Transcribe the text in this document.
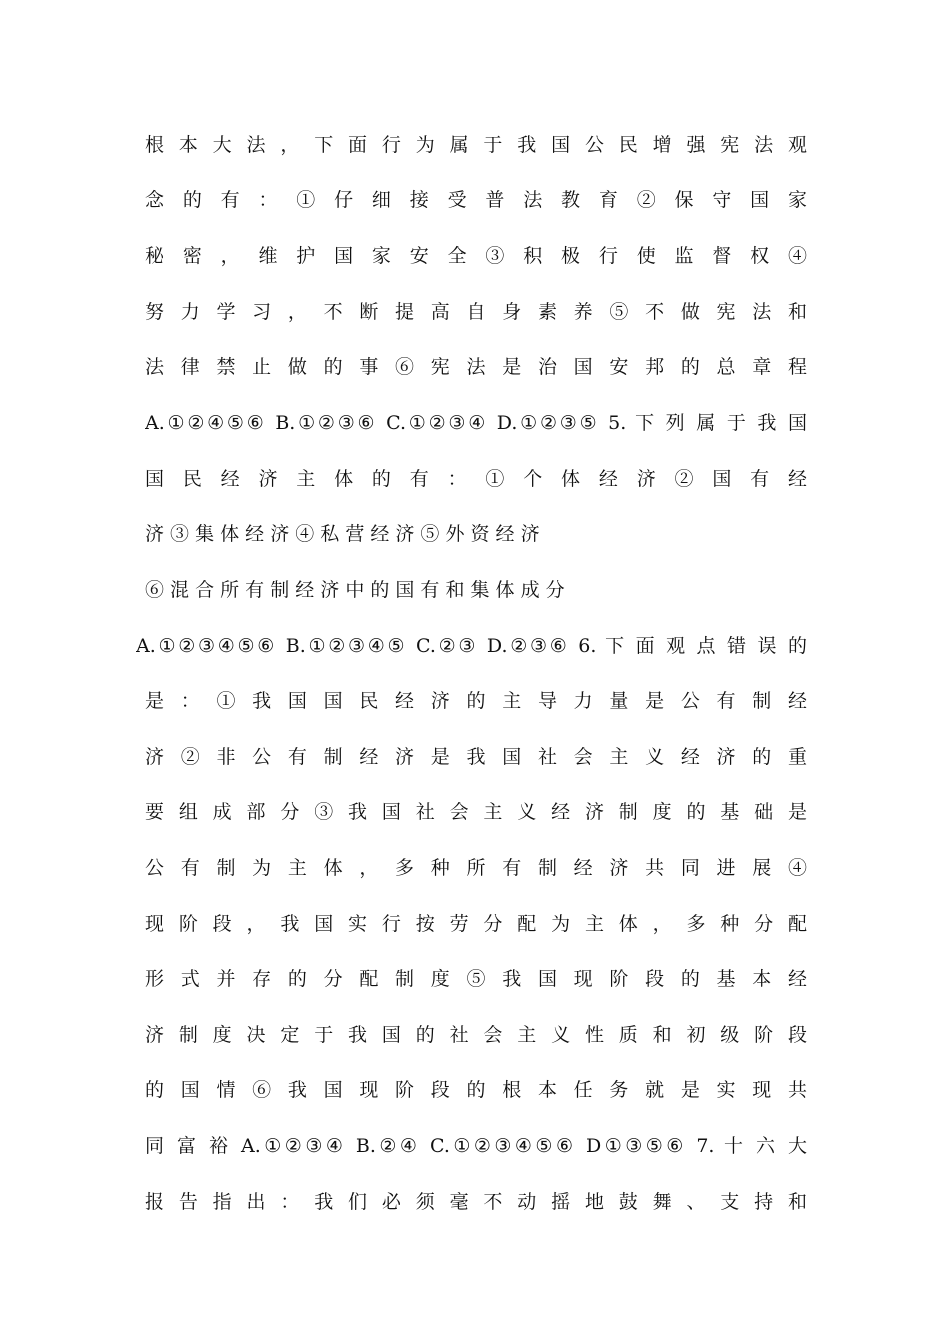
根 本 大 法 ， 下 面 行 为 属 于 我 国 公 民 增 强 宪 法 观
念 的 有 ： ① 仔 细 接 受 普 法 教 育 ② 保 守 国 家
秘 密 ， 维 护 国 家 安 全 ③ 积 极 行 使 监 督 权 ④
努 力 学 习 ， 不 断 提 高 自 身 素 养 ⑤ 不 做 宪 法 和
法 律 禁 止 做 的 事 ⑥ 宪 法 是 治 国 安 邦 的 总 章 程
A.①②④⑤⑥ B.①②③⑥ C.①②③④ D.①②③⑤ 5. 下 列 属 于 我 国
国 民 经 济 主 体 的 有 ： ① 个 体 经 济 ② 国 有 经
济 ③ 集 体 经 济 ④ 私 营 经 济 ⑤ 外 资 经 济
⑥ 混 合 所 有 制 经 济 中 的 国 有 和 集 体 成 分
A.①②③④⑤⑥ B.①②③④⑤ C.②③ D.②③⑥ 6. 下 面 观 点 错 误 的
是 ： ① 我 国 国 民 经 济 的 主 导 力 量 是 公 有 制 经
济 ② 非 公 有 制 经 济 是 我 国 社 会 主 义 经 济 的 重
要 组 成 部 分 ③ 我 国 社 会 主 义 经 济 制 度 的 基 础 是
公 有 制 为 主 体 ， 多 种 所 有 制 经 济 共 同 进 展 ④
现 阶 段 ， 我 国 实 行 按 劳 分 配 为 主 体 ， 多 种 分 配
形 式 并 存 的 分 配 制 度 ⑤ 我 国 现 阶 段 的 基 本 经
济 制 度 决 定 于 我 国 的 社 会 主 义 性 质 和 初 级 阶 段
的 国 情 ⑥ 我 国 现 阶 段 的 根 本 任 务 就 是 实 现 共
同 富 裕 A.①②③④ B.②④ C.①②③④⑤⑥ D①③⑤⑥ 7. 十 六 大
报 告 指 出 ： 我 们 必 须 毫 不 动 摇 地 鼓 舞 、 支 持 和
